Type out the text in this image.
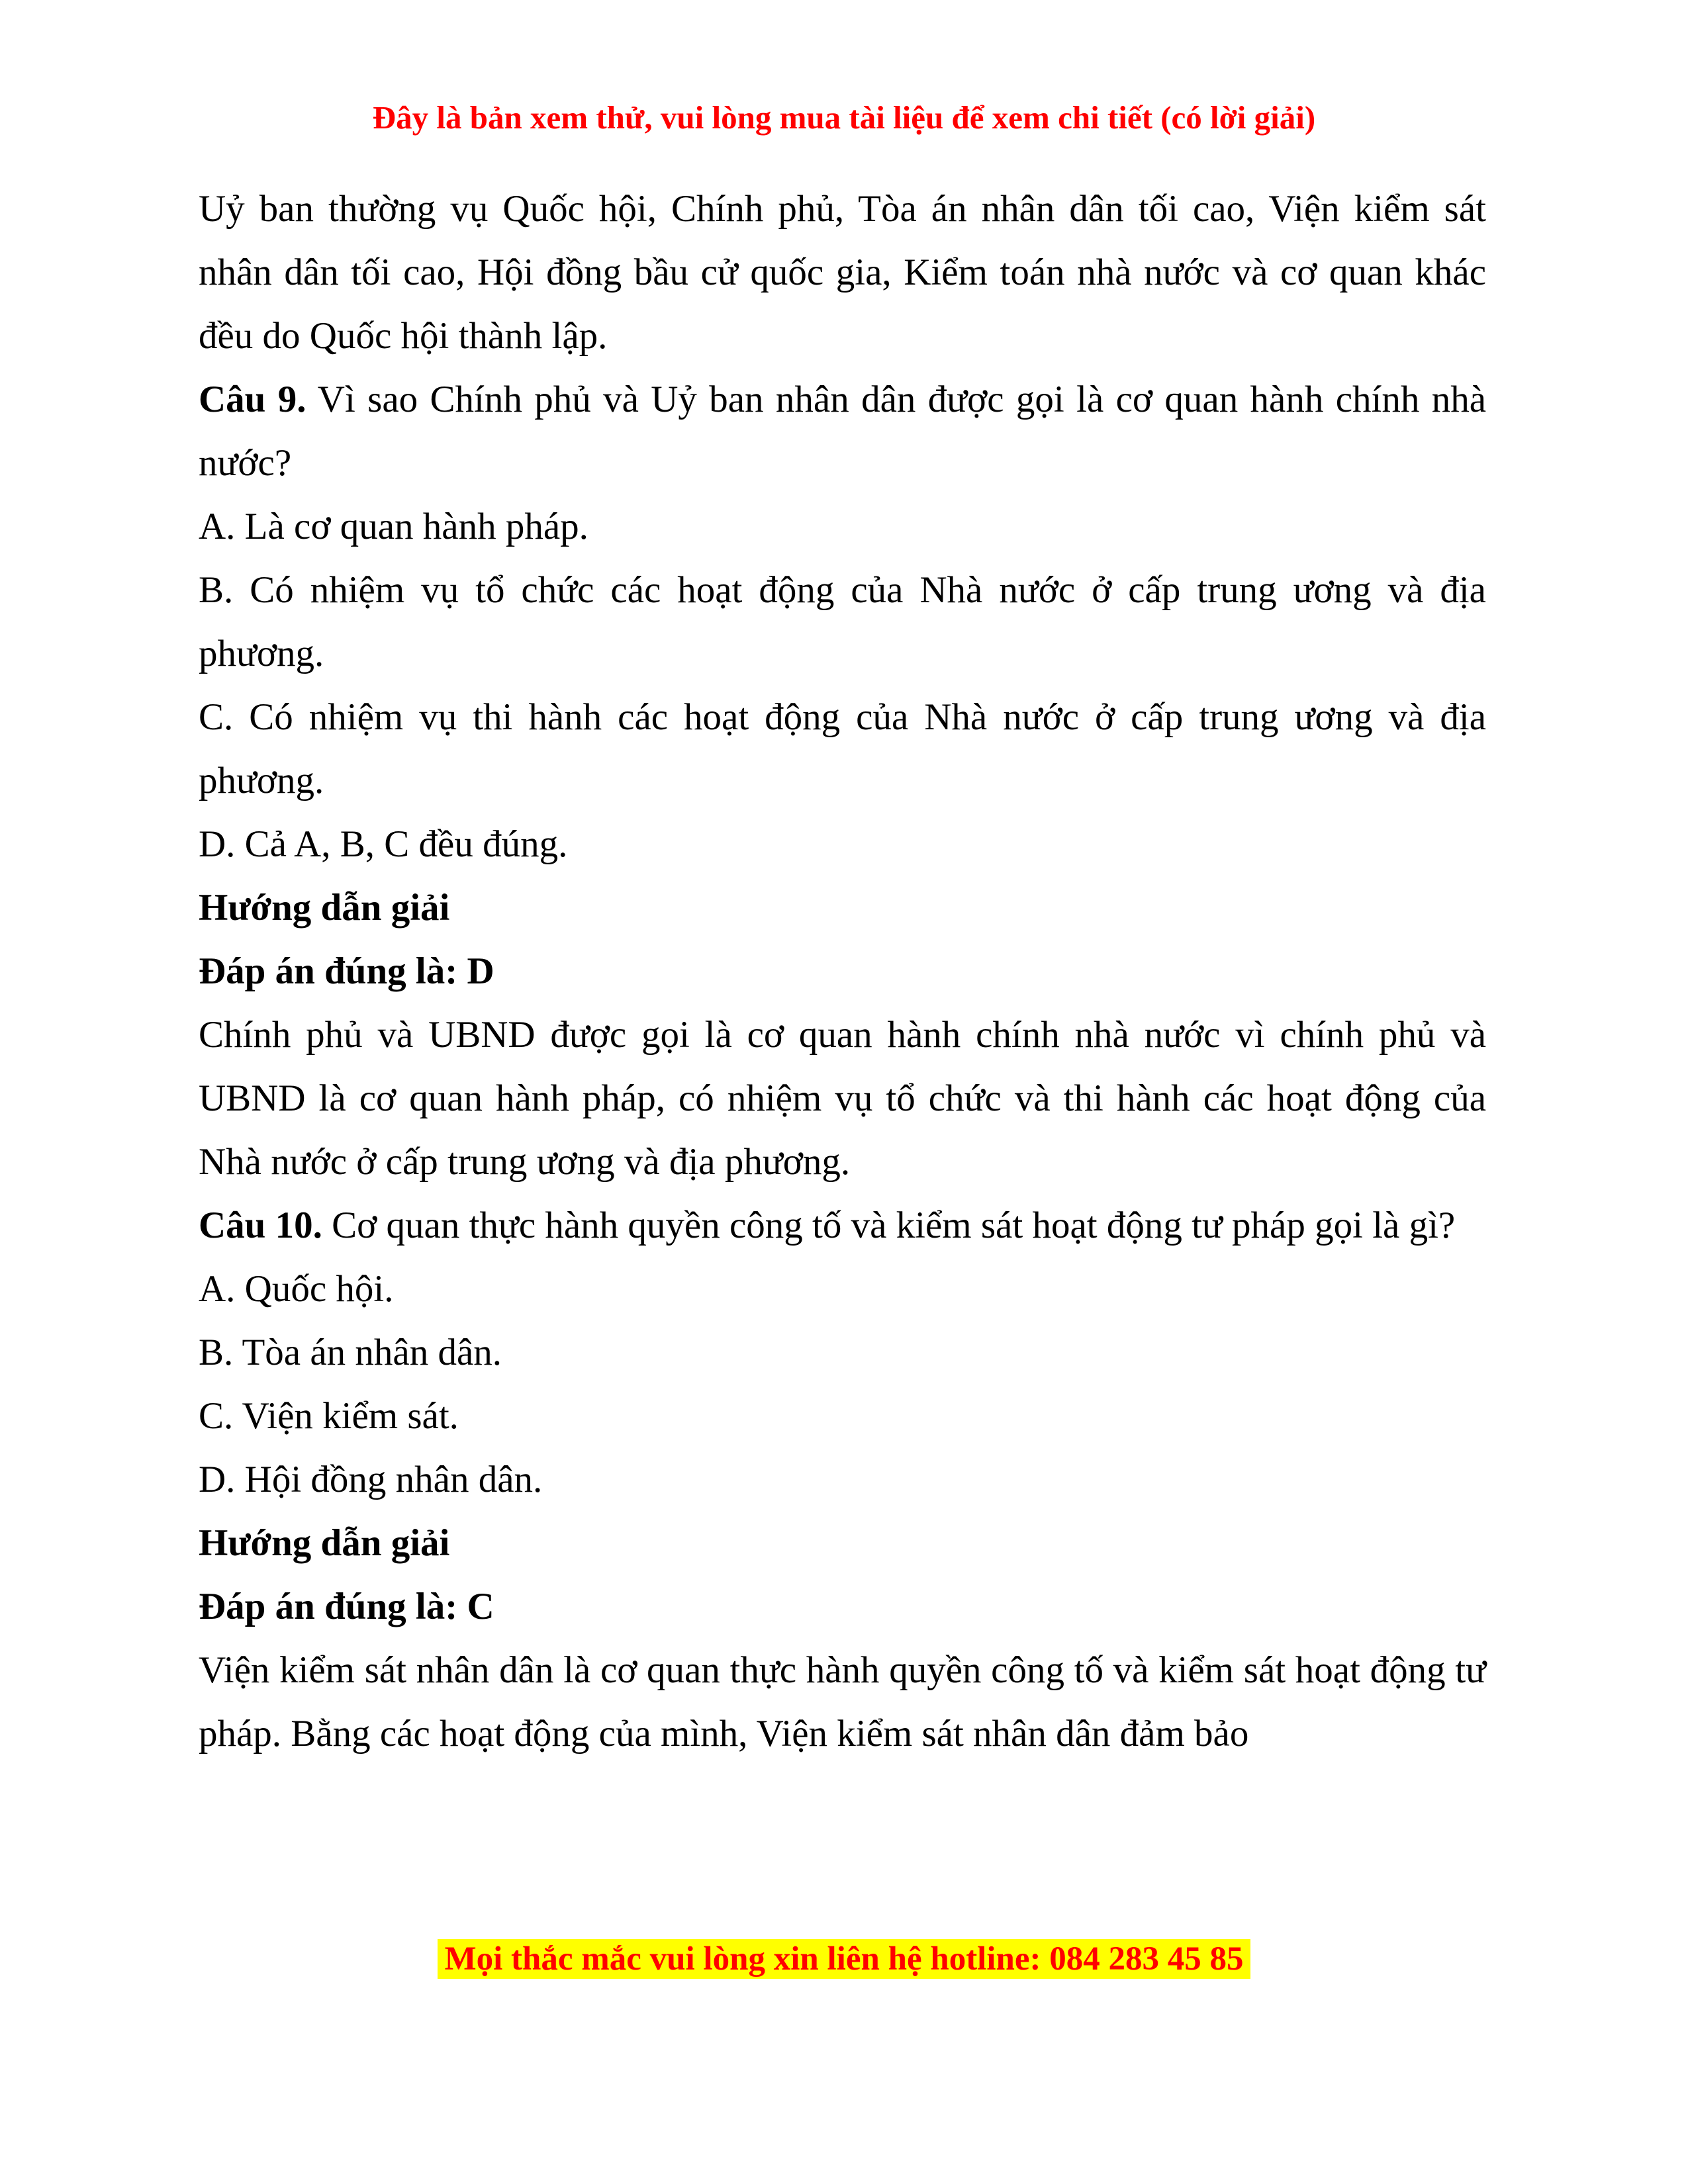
Đây là bản xem thử, vui lòng mua tài liệu để xem chi tiết (có lời giải)

Uỷ ban thường vụ Quốc hội, Chính phủ, Tòa án nhân dân tối cao, Viện kiểm sát nhân dân tối cao, Hội đồng bầu cử quốc gia, Kiểm toán nhà nước và cơ quan khác đều do Quốc hội thành lập.

Câu 9. Vì sao Chính phủ và Uỷ ban nhân dân được gọi là cơ quan hành chính nhà nước?

A. Là cơ quan hành pháp.

B. Có nhiệm vụ tổ chức các hoạt động của Nhà nước ở cấp trung ương và địa phương.

C. Có nhiệm vụ thi hành các hoạt động của Nhà nước ở cấp trung ương và địa phương.

D. Cả A, B, C đều đúng.

Hướng dẫn giải

Đáp án đúng là: D

Chính phủ và UBND được gọi là cơ quan hành chính nhà nước vì chính phủ và UBND là cơ quan hành pháp, có nhiệm vụ tổ chức và thi hành các hoạt động của Nhà nước ở cấp trung ương và địa phương.

Câu 10. Cơ quan thực hành quyền công tố và kiểm sát hoạt động tư pháp gọi là gì?

A. Quốc hội.

B. Tòa án nhân dân.

C. Viện kiểm sát.

D. Hội đồng nhân dân.

Hướng dẫn giải

Đáp án đúng là: C

Viện kiểm sát nhân dân là cơ quan thực hành quyền công tố và kiểm sát hoạt động tư pháp. Bằng các hoạt động của mình, Viện kiểm sát nhân dân đảm bảo

Mọi thắc mắc vui lòng xin liên hệ hotline: 084 283 45 85
